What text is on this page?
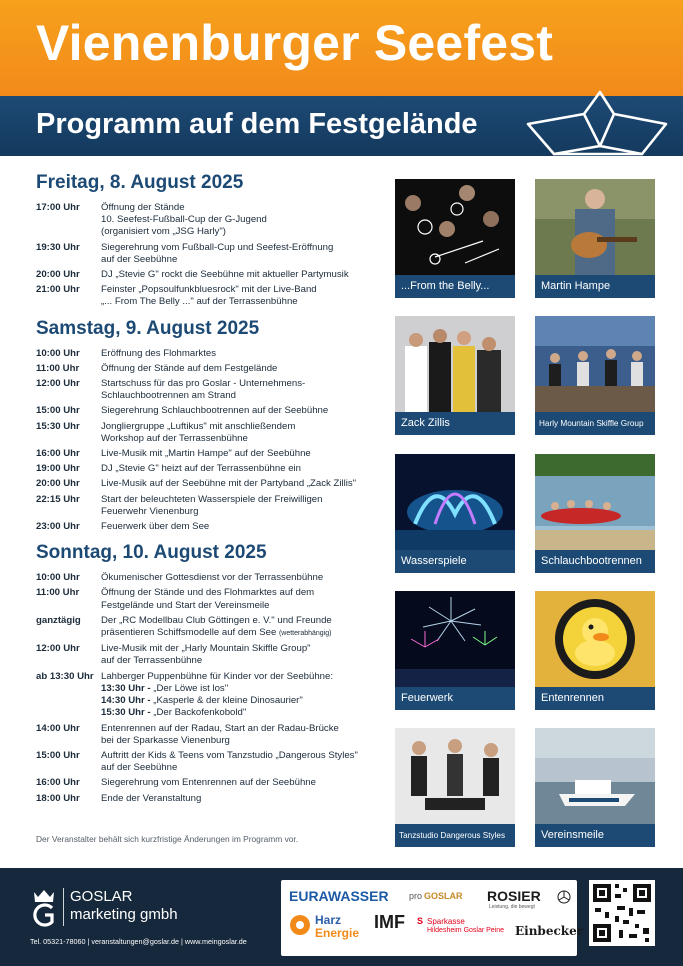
Vienenburger Seefest
Programm auf dem Festgelände
Freitag, 8. August 2025
17:00 Uhr	Öffnung der Stände
10. Seefest-Fußball-Cup der G-Jugend
(organisiert vom „JSG Harly")
19:30 Uhr	Siegerehrung vom Fußball-Cup und Seefest-Eröffnung
auf der Seebühne
20:00 Uhr	DJ „Stevie G" rockt die Seebühne mit aktueller Partymusik
21:00 Uhr	Feinster „Popsoulfunkbluesrock" mit der Live-Band
„... From The Belly ..." auf der Terrassenbühne
Samstag, 9. August 2025
10:00 Uhr	Eröffnung des Flohmarktes
11:00 Uhr	Öffnung der Stände auf dem Festgelände
12:00 Uhr	Startschuss für das pro Goslar - Unternehmens-
Schlauchbootrennen am Strand
15:00 Uhr	Siegerehrung Schlauchbootrennen auf der Seebühne
15:30 Uhr	Jongliergruppe „Luftikus" mit anschließendem
Workshop auf der Terrassenbühne
16:00 Uhr	Live-Musik mit „Martin Hampe" auf der Seebühne
19:00 Uhr	DJ „Stevie G" heizt auf der Terrassenbühne ein
20:00 Uhr	Live-Musik auf der Seebühne mit der Partyband „Zack Zillis"
22:15 Uhr	Start der beleuchteten Wasserspiele der Freiwilligen
Feuerwehr Vienenburg
23:00 Uhr	Feuerwerk über dem See
Sonntag, 10. August 2025
10:00 Uhr	Ökumenischer Gottesdienst vor der Terrassenbühne
11:00 Uhr	Öffnung der Stände und des Flohmarktes auf dem
Festgelände und Start der Vereinsmeile
ganztägig	Der „RC Modellbau Club Göttingen e. V." und Freunde
präsentieren Schiffsmodelle auf dem See (wetterabhängig)
12:00 Uhr	Live-Musik mit der „Harly Mountain Skiffle Group"
auf der Terrassenbühne
ab 13:30 Uhr Lahberger Puppenbühne für Kinder vor der Seebühne:
13:30 Uhr - „Der Löwe ist los"
14:30 Uhr - „Kasperle & der kleine Dinosaurier"
15:30 Uhr - „Der Backofenkobold"
14:00 Uhr	Entenrennen auf der Radau, Start an der Radau-Brücke
bei der Sparkasse Vienenburg
15:00 Uhr	Auftritt der Kids & Teens vom Tanzstudio „Dangerous Styles"
auf der Seebühne
16:00 Uhr	Siegerehrung vom Entenrennen auf der Seebühne
18:00 Uhr	Ende der Veranstaltung
Der Veranstalter behält sich kurzfristige Änderungen im Programm vor.
...From the Belly...	Martin Hampe
Zack Zillis	Harly Mountain Skiffle Group
Wasserspiele	Schlauchbootrennen
Feuerwerk	Entenrennen
Tanzstudio Dangerous Styles	Vereinsmeile
GOSLAR
marketing gmbh
Tel. 05321-78060 | veranstaltungen@goslar.de | www.meingoslar.de
EURAWASSER pro GOSLAR ROSIER
Leistung, die bewegt
Harz
Energie
IMF S Sparkasse
Hildesheim Goslar Peine Einbecker
